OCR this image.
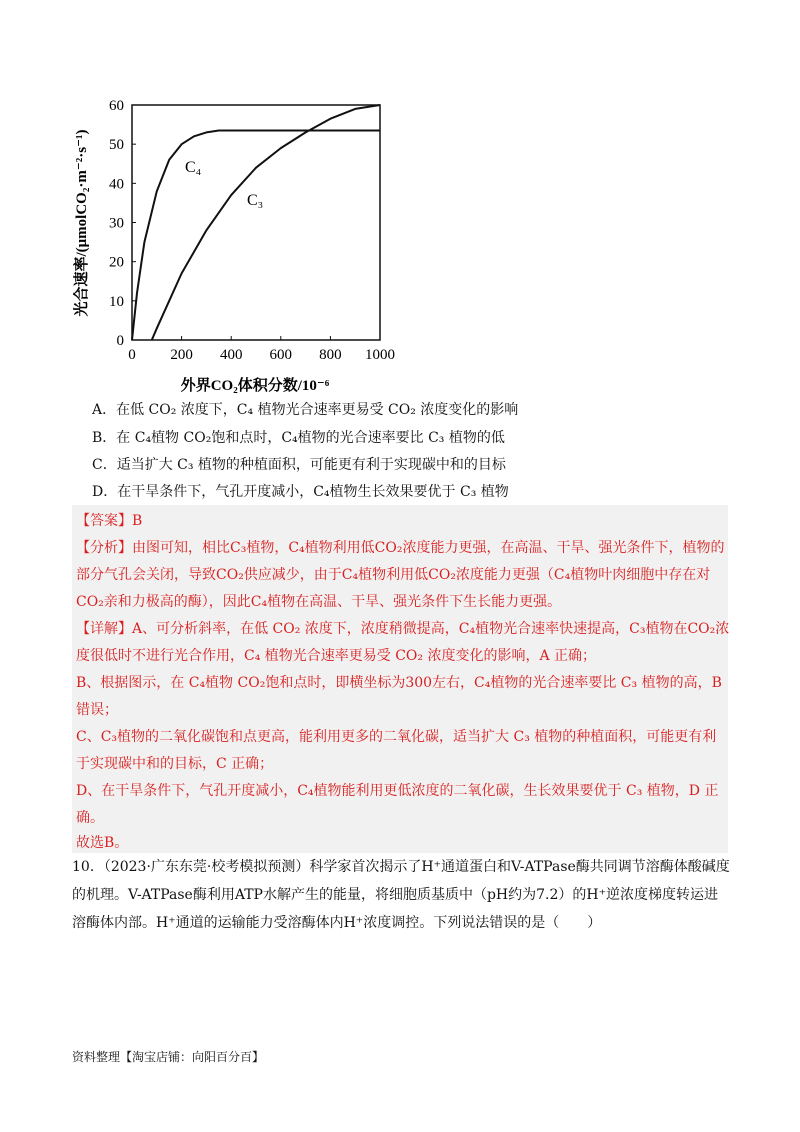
0 200 400 600 800 1000
0
10
20
30
40
50
60
C₄
C₃
外界CO₂体积分数/10⁻⁶
光合速率/(μmolCO₂·m⁻²·s⁻¹)
A．在低 CO₂ 浓度下，C₄ 植物光合速率更易受 CO₂ 浓度变化的影响
B．在 C₄植物 CO₂饱和点时，C₄植物的光合速率要比 C₃ 植物的低
C．适当扩大 C₃ 植物的种植面积，可能更有利于实现碳中和的目标
D．在干旱条件下，气孔开度减小，C₄植物生长效果要优于 C₃ 植物
【答案】B
【分析】由图可知，相比C₃植物，C₄植物利用低CO₂浓度能力更强，在高温、干旱、强光条件下，植物的
部分气孔会关闭，导致CO₂供应减少，由于C₄植物利用低CO₂浓度能力更强（C₄植物叶肉细胞中存在对
CO₂亲和力极高的酶），因此C₄植物在高温、干旱、强光条件下生长能力更强。
【详解】A、可分析斜率，在低 CO₂ 浓度下，浓度稍微提高，C₄植物光合速率快速提高，C₃植物在CO₂浓
度很低时不进行光合作用，C₄ 植物光合速率更易受 CO₂ 浓度变化的影响，A 正确；
B、根据图示，在 C₄植物 CO₂饱和点时，即横坐标为300左右，C₄植物的光合速率要比 C₃ 植物的高，B
错误；
C、C₃植物的二氧化碳饱和点更高，能利用更多的二氧化碳，适当扩大 C₃ 植物的种植面积，可能更有利
于实现碳中和的目标，C 正确；
D、在干旱条件下，气孔开度减小，C₄植物能利用更低浓度的二氧化碳，生长效果要优于 C₃ 植物，D 正
确。
故选B。
10．（2023·广东东莞·校考模拟预测）科学家首次揭示了H⁺通道蛋白和V-ATPase酶共同调节溶酶体酸碱度
的机理。V-ATPase酶利用ATP水解产生的能量，将细胞质基质中（pH约为7.2）的H⁺逆浓度梯度转运进
溶酶体内部。H⁺通道的运输能力受溶酶体内H⁺浓度调控。下列说法错误的是（　　）
资料整理【淘宝店铺：向阳百分百】
